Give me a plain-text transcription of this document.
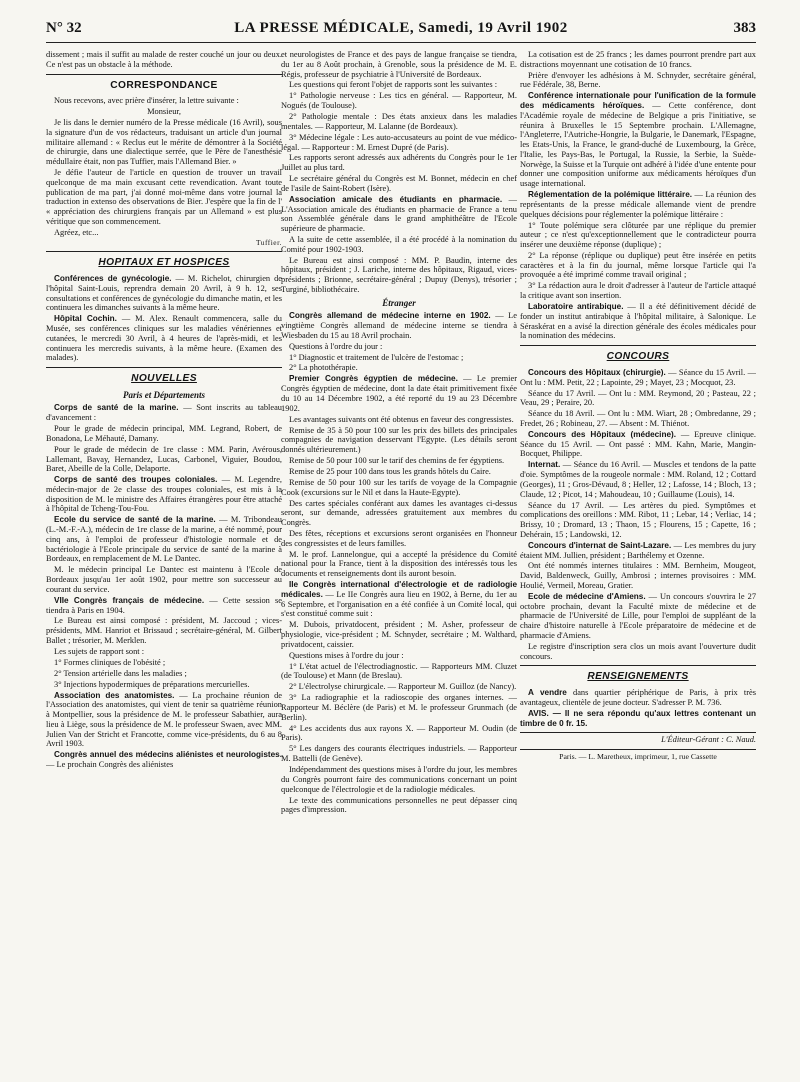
N° 32	LA PRESSE MÉDICALE, Samedi, 19 Avril 1902	383

dissement ; mais il suffit au malade de rester couché un jour ou deux. Ce n'est pas un obstacle à la méthode.

CORRESPONDANCE

Nous recevons, avec prière d'insérer, la lettre suivante :

Monsieur,

Je lis dans le dernier numéro de la Presse médicale (16 Avril), sous la signature d'un de vos rédacteurs, traduisant un article d'un journal militaire allemand : « Reclus eut le mérite de démontrer à la Société de chirurgie, dans une dialectique serrée, que le Père de l'anesthésie médullaire était, non pas Tuffier, mais l'Allemand Bier. »

Je défie l'auteur de l'article en question de trouver un travail quelconque de ma main excusant cette revendication. Avant toute publication de ma part, j'ai donné moi-même dans votre journal la traduction in extenso des observations de Bier. J'espère que la fin de l' « appréciation des chirurgiens français par un Allemand » est plus véritique que son commencement.

Agréez, etc...

Tuffier.
HOPITAUX ET HOSPICES

Conférences de gynécologie. — M. Richelot, chirurgien de l'hôpital Saint-Louis, reprendra demain 20 Avril, à 9 h. 12, ses consultations et conférences de gynécologie du dimanche matin, et les continuera les dimanches suivants à la même heure.

Hôpital Cochin. — M. Alex. Renault commencera, salle du Musée, ses conférences cliniques sur les maladies vénériennes et cutanées, le mercredi 30 Avril, à 4 heures de l'après-midi, et les continuera les mercredis suivants, à la même heure. (Examen des malades).

NOUVELLES
Paris et Départements

Corps de santé de la marine. — Sont inscrits au tableau d'avancement :

Pour le grade de médecin principal, MM. Legrand, Robert, de Bonadona, Le Méhauté, Damany.

Pour le grade de médecin de 1re classe : MM. Parin, Avérous, Lallemant, Bavay, Hernandez, Lucas, Carbonel, Viguier, Boudou, Baret, Abeille de la Colle, Delaporte.

Corps de santé des troupes coloniales. — M. Legendre, médecin-major de 2e classe des troupes coloniales, est mis à la disposition de M. le ministre des Affaires étrangères pour être attaché à l'hôpital de Tcheng-Tou-Fou.

Ecole du service de santé de la marine. — M. Tribondeau (L.-M.-F.-A.), médecin de 1re classe de la marine, a été nommé, pour cinq ans, à l'emploi de professeur d'histologie normale et de bactériologie à l'Ecole principale du service de santé de la marine à Bordeaux, en remplacement de M. Le Dantec.

M. le médecin principal Le Dantec est maintenu à l'Ecole de Bordeaux jusqu'au 1er août 1902, pour mettre son successeur au courant du service.

VIIe Congrès français de médecine. — Cette session se tiendra à Paris en 1904.

Le Bureau est ainsi composé : président, M. Jaccoud ; vices-présidents, MM. Hanriot et Brissaud ; secrétaire-général, M. Gilbert Ballet ; trésorier, M. Merklen.

Les sujets de rapport sont :

1° Formes cliniques de l'obésité ;

2° Tension artérielle dans les maladies ;

3° Injections hypodermiques de préparations mercurielles.

Association des anatomistes. — La prochaine réunion de l'Association des anatomistes, qui vient de tenir sa quatrième réunion à Montpellier, sous la présidence de M. le professeur Sabathier, aura lieu à Liège, sous la présidence de M. le professeur Swaen, avec MM. Julien Van der Stricht et Francotte, comme vice-présidents, du 6 au 8 Avril 1903.

Congrès annuel des médecins aliénistes et neurologistes. — Le prochain Congrès des aliénistes

et neurologistes de France et des pays de langue française se tiendra, du 1er au 8 Août prochain, à Grenoble, sous la présidence de M. E. Régis, professeur de psychiatrie à l'Université de Bordeaux.

Les questions qui feront l'objet de rapports sont les suivantes :

1° Pathologie nerveuse : Les tics en général. — Rapporteur, M. Nogués (de Toulouse).

2° Pathologie mentale : Des états anxieux dans les maladies mentales. — Rapporteur, M. Lalanne (de Bordeaux).

3° Médecine légale : Les auto-accusateurs au point de vue médico-légal. — Rapporteur : M. Ernest Dupré (de Paris).

Les rapports seront adressés aux adhérents du Congrès pour le 1er Juillet au plus tard.

Le secrétaire général du Congrès est M. Bonnet, médecin en chef de l'asile de Saint-Robert (Isère).

Association amicale des étudiants en pharmacie. — L'Association amicale des étudiants en pharmacie de France a tenu son Assemblée générale dans le grand amphithéâtre de l'Ecole supérieure de pharmacie.

A la suite de cette assemblée, il a été procédé à la nomination du Comité pour 1902-1903.

Le Bureau est ainsi composé : MM. P. Baudin, interne des hôpitaux, président ; J. Lariche, interne des hôpitaux, Rigaud, vices-présidents ; Brionne, secrétaire-général ; Dupuy (Denys), trésorier ; Turginé, bibliothécaire.

Étranger

Congrès allemand de médecine interne en 1902. — Le vingtième Congrès allemand de médecine interne se tiendra à Wiesbaden du 15 au 18 Avril prochain.

Questions à l'ordre du jour :

1° Diagnostic et traitement de l'ulcère de l'estomac ;

2° La photothérapie.

Premier Congrès égyptien de médecine. — Le premier Congrès égyptien de médecine, dont la date était primitivement fixée du 10 au 14 Décembre 1902, a été reporté du 19 au 23 Décembre 1902.

Les avantages suivants ont été obtenus en faveur des congressistes.

Remise de 35 à 50 pour 100 sur les prix des billets des principales compagnies de navigation desservant l'Egypte. (Les détails seront donnés ultérieurement.)

Remise de 50 pour 100 sur le tarif des chemins de fer égyptiens.

Remise de 25 pour 100 dans tous les grands hôtels du Caire.

Remise de 50 pour 100 sur les tarifs de voyage de la Compagnie Cook (excursions sur le Nil et dans la Haute-Egypte).

Des cartes spéciales conférant aux dames les avantages ci-dessus seront, sur demande, adressées gratuitement aux membres du Congrès.

Des fêtes, réceptions et excursions seront organisées en l'honneur des congressistes et de leurs familles.

M. le prof. Lannelongue, qui a accepté la présidence du Comité national pour la France, tient à la disposition des intéressés tous les documents et renseignements dont ils auront besoin.

IIe Congrès international d'électrologie et de radiologie médicales. — Le IIe Congrès aura lieu en 1902, à Berne, du 1er au 6 Septembre, et l'organisation en a été confiée à un Comité local, qui s'est constitué comme suit :

M. Dubois, privatdocent, président ; M. Asher, professeur de physiologie, vice-président ; M. Schnyder, secrétaire ; M. Walthard, privatdocent, caissier.

Questions mises à l'ordre du jour :

1° L'état actuel de l'électrodiagnostic. — Rapporteurs MM. Cluzet (de Toulouse) et Mann (de Breslau).

2° L'électrolyse chirurgicale. — Rapporteur M. Guilloz (de Nancy).

3° La radiographie et la radioscopie des organes internes. — Rapporteur M. Béclère (de Paris) et M. le professeur Grunmach (de Berlin).

4° Les accidents dus aux rayons X. — Rapporteur M. Oudin (de Paris).

5° Les dangers des courants électriques industriels. — Rapporteur M. Battelli (de Genève).

Indépendamment des questions mises à l'ordre du jour, les membres du Congrès pourront faire des communications concernant un point quelconque de l'électrologie et de la radiologie médicales.

Le texte des communications personnelles ne peut dépasser cinq pages d'impression.

La cotisation est de 25 francs ; les dames pourront prendre part aux distractions moyennant une cotisation de 10 francs.

Prière d'envoyer les adhésions à M. Schnyder, secrétaire général, rue Fédérale, 38, Berne.

Conférence internationale pour l'unification de la formule des médicaments héroïques. — Cette conférence, dont l'Académie royale de médecine de Belgique a pris l'initiative, se réunira à Bruxelles le 15 Septembre prochain. L'Allemagne, l'Angleterre, l'Autriche-Hongrie, la Bulgarie, le Danemark, l'Espagne, les Etats-Unis, la France, le grand-duché de Luxembourg, la Grèce, l'Italie, les Pays-Bas, le Portugal, la Russie, la Serbie, la Suède-Norwège, la Suisse et la Turquie ont adhéré à l'idée d'une entente pour donner une composition uniforme aux médicaments héroïques d'un usage international.

Réglementation de la polémique littéraire. — La réunion des représentants de la presse médicale allemande vient de prendre quelques décisions pour réglementer la polémique littéraire :

1° Toute polémique sera clôturée par une réplique du premier auteur ; ce n'est qu'exceptionnellement que le contradicteur pourra insérer une deuxième réponse (duplique) ;

2° La réponse (réplique ou duplique) peut être insérée en petits caractères et à la fin du journal, même lorsque l'article qui l'a provoquée a été imprimé comme travail original ;

3° La rédaction aura le droit d'adresser à l'auteur de l'article attaqué la critique avant son insertion.

Laboratoire antirabique. — Il a été définitivement décidé de fonder un institut antirabique à l'hôpital militaire, à Salonique. Le Séraskérat en a avisé la direction générale des écoles médicales pour la nomination des médecins.

CONCOURS

Concours des Hôpitaux (chirurgie). — Séance du 15 Avril. — Ont lu : MM. Petit, 22 ; Lapointe, 29 ; Mayet, 23 ; Mocquot, 23.

Séance du 17 Avril. — Ont lu : MM. Reymond, 20 ; Pasteau, 22 ; Veau, 29 ; Peraire, 20.

Séance du 18 Avril. — Ont lu : MM. Wiart, 28 ; Ombredanne, 29 ; Fredet, 26 ; Robineau, 27. — Absent : M. Thiénot.

Concours des Hôpitaux (médecine). — Epreuve clinique. Séance du 15 Avril. — Ont passé : MM. Kahn, Marie, Mangin-Bocquet, Philippe.

Internat. — Séance du 16 Avril. — Muscles et tendons de la patte d'oie. Symptômes de la rougeole normale : MM. Roland, 12 ; Cottard (Georges), 11 ; Gros-Dévaud, 8 ; Heller, 12 ; Lafosse, 14 ; Bloch, 13 ; Claude, 12 ; Picot, 14 ; Mahoudeau, 10 ; Guillaume (Louis), 14.

Séance du 17 Avril. — Les artères du pied. Symptômes et complications des oreillons : MM. Ribot, 11 ; Lebar, 14 ; Verliac, 14 ; Brissy, 10 ; Dromard, 13 ; Thaon, 15 ; Flourens, 15 ; Capette, 16 ; Dehérain, 15 ; Landowski, 12.

Concours d'internat de Saint-Lazare. — Les membres du jury étaient MM. Jullien, président ; Barthélemy et Ozenne.

Ont été nommés internes titulaires : MM. Bernheim, Mougeot, David, Baldenweck, Guilly, Ambrosi ; internes provisoires : MM. Houlié, Vermeil, Moreau, Gratier.

Ecole de médecine d'Amiens. — Un concours s'ouvrira le 27 octobre prochain, devant la Faculté mixte de médecine et de pharmacie de l'Université de Lille, pour l'emploi de suppléant de la chaire d'histoire naturelle à l'Ecole préparatoire de médecine et de pharmacie d'Amiens.

Le registre d'inscription sera clos un mois avant l'ouverture dudit concours.

RENSEIGNEMENTS

A vendre dans quartier périphérique de Paris, à prix très avantageux, clientèle de jeune docteur. S'adresser P. M. 736.

AVIS. — Il ne sera répondu qu'aux lettres contenant un timbre de 0 fr. 15.

L'Éditeur-Gérant : C. Naud.

Paris. — L. Maretheux, imprimeur, 1, rue Cassette
